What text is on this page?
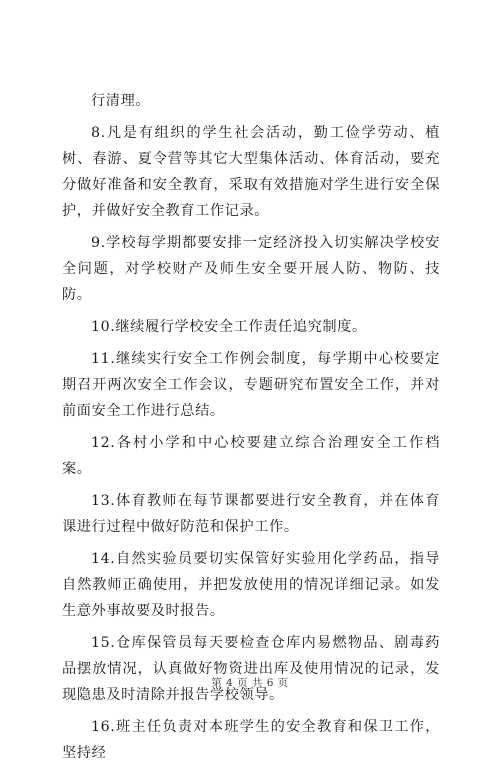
行清理。

8.凡是有组织的学生社会活动，勤工俭学劳动、植树、春游、夏令营等其它大型集体活动、体育活动，要充分做好准备和安全教育，采取有效措施对学生进行安全保护，并做好安全教育工作记录。

9.学校每学期都要安排一定经济投入切实解决学校安全问题，对学校财产及师生安全要开展人防、物防、技防。

10.继续履行学校安全工作责任追究制度。

11.继续实行安全工作例会制度，每学期中心校要定期召开两次安全工作会议，专题研究布置安全工作，并对前面安全工作进行总结。

12.各村小学和中心校要建立综合治理安全工作档案。

13.体育教师在每节课都要进行安全教育，并在体育课进行过程中做好防范和保护工作。

14.自然实验员要切实保管好实验用化学药品，指导自然教师正确使用，并把发放使用的情况详细记录。如发生意外事故要及时报告。

15.仓库保管员每天要检查仓库内易燃物品、剧毒药品摆放情况，认真做好物资进出库及使用情况的记录，发现隐患及时清除并报告学校领导。

16.班主任负责对本班学生的安全教育和保卫工作，坚持经

第 4 页 共 6 页
